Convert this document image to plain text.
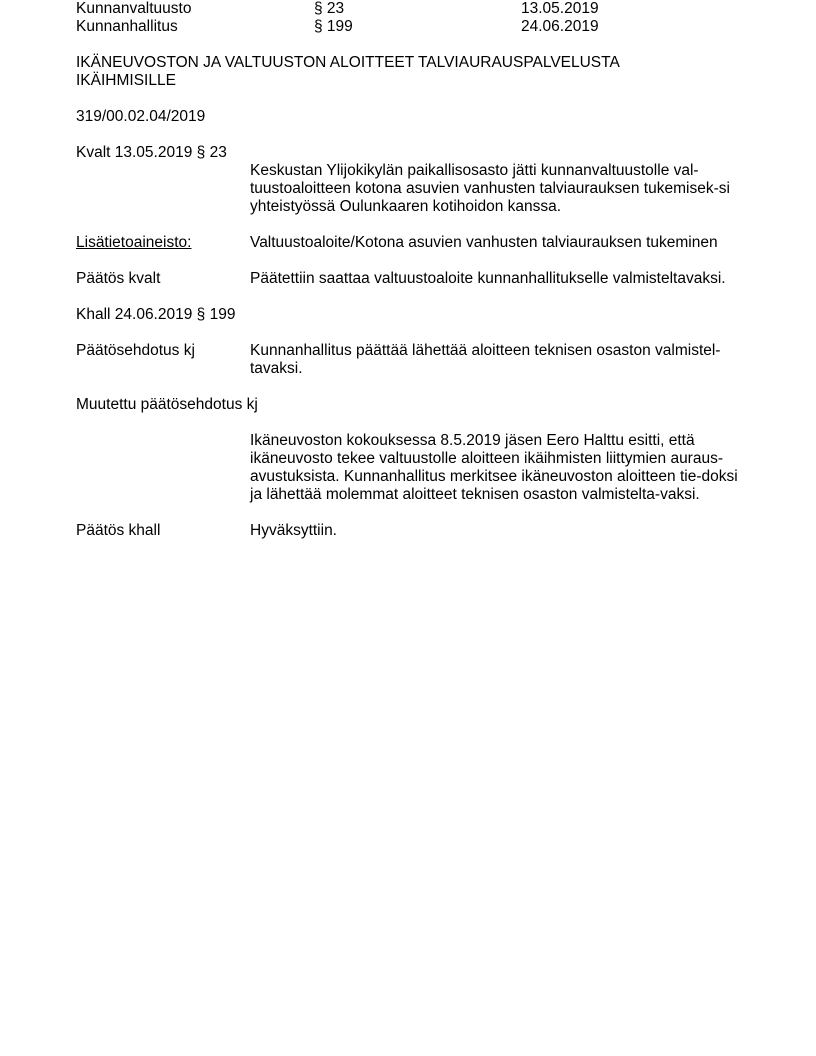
Kunnanvaltuusto	§ 23	13.05.2019
Kunnanhallitus	§ 199	24.06.2019
IKÄNEUVOSTON JA VALTUUSTON ALOITTEET TALVIAURAUSPALVELUSTA IKÄIHMISILLE
319/00.02.04/2019
Kvalt 13.05.2019 § 23
Keskustan Ylijokikylän paikallisosasto jätti kunnanvaltuustolle val-tuustoaloitteen kotona asuvien vanhusten talviaurauksen tukemisek-si yhteistyössä Oulunkaaren kotihoidon kanssa.
Lisätietoaineisto:	Valtuustoaloite/Kotona asuvien vanhusten talviaurauksen tukeminen
Päätös kvalt	Päätettiin saattaa valtuustoaloite kunnanhallitukselle valmisteltavaksi.
Khall 24.06.2019 § 199
Päätösehdotus kj	Kunnanhallitus päättää lähettää aloitteen teknisen osaston valmistel-tavaksi.
Muutettu päätösehdotus kj
Ikäneuvoston kokouksessa 8.5.2019 jäsen Eero Halttu esitti, että ikäneuvosto tekee valtuustolle aloitteen ikäihmisten liittymien auraus-avustuksista. Kunnanhallitus merkitsee ikäneuvoston aloitteen tie-doksi ja lähettää molemmat aloitteet teknisen osaston valmistelta-vaksi.
Päätös khall	Hyväksyttiin.
